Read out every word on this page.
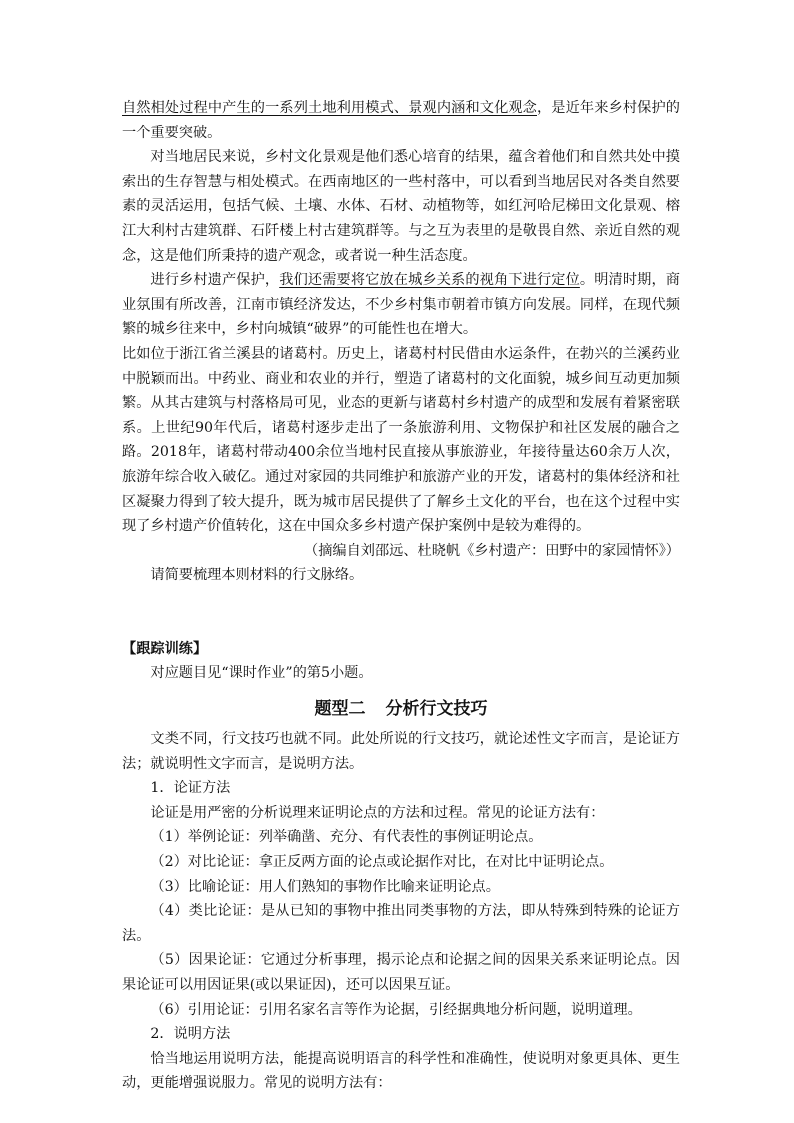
自然相处过程中产生的一系列土地利用模式、景观内涵和文化观念，是近年来乡村保护的一个重要突破。

对当地居民来说，乡村文化景观是他们悉心培育的结果，蕴含着他们和自然共处中摸索出的生存智慧与相处模式。在西南地区的一些村落中，可以看到当地居民对各类自然要素的灵活运用，包括气候、土壤、水体、石材、动植物等，如红河哈尼梯田文化景观、榕江大利村古建筑群、石阡楼上村古建筑群等。与之互为表里的是敬畏自然、亲近自然的观念，这是他们所秉持的遗产观念，或者说一种生活态度。

进行乡村遗产保护，我们还需要将它放在城乡关系的视角下进行定位。明清时期，商业氛围有所改善，江南市镇经济发达，不少乡村集市朝着市镇方向发展。同样，在现代频繁的城乡往来中，乡村向城镇“破界”的可能性也在增大。

比如位于浙江省兰溪县的诸葛村。历史上，诸葛村村民借由水运条件，在勃兴的兰溪药业中脱颖而出。中药业、商业和农业的并行，塑造了诸葛村的文化面貌，城乡间互动更加频繁。从其古建筑与村落格局可见，业态的更新与诸葛村乡村遗产的成型和发展有着紧密联系。上世纪90年代后，诸葛村逐步走出了一条旅游利用、文物保护和社区发展的融合之路。2018年，诸葛村带动400余位当地村民直接从事旅游业，年接待量达60余万人次，旅游年综合收入破亿。通过对家园的共同维护和旅游产业的开发，诸葛村的集体经济和社区凝聚力得到了较大提升，既为城市居民提供了了解乡土文化的平台，也在这个过程中实现了乡村遗产价值转化，这在中国众多乡村遗产保护案例中是较为难得的。

（摘编自刘邵远、杜晓帆《乡村遗产：田野中的家园情怀》）

请简要梳理本则材料的行文脉络。

【跟踪训练】

对应题目见“课时作业”的第5小题。

题型二 分析行文技巧

文类不同，行文技巧也就不同。此处所说的行文技巧，就论述性文字而言，是论证方法；就说明性文字而言，是说明方法。

1．论证方法

论证是用严密的分析说理来证明论点的方法和过程。常见的论证方法有：

（1）举例论证：列举确凿、充分、有代表性的事例证明论点。

（2）对比论证：拿正反两方面的论点或论据作对比，在对比中证明论点。

（3）比喻论证：用人们熟知的事物作比喻来证明论点。

（4）类比论证：是从已知的事物中推出同类事物的方法，即从特殊到特殊的论证方法。

（5）因果论证：它通过分析事理，揭示论点和论据之间的因果关系来证明论点。因果论证可以用因证果(或以果证因)，还可以因果互证。

（6）引用论证：引用名家名言等作为论据，引经据典地分析问题，说明道理。

2．说明方法

恰当地运用说明方法，能提高说明语言的科学性和准确性，使说明对象更具体、更生动，更能增强说服力。常见的说明方法有：
